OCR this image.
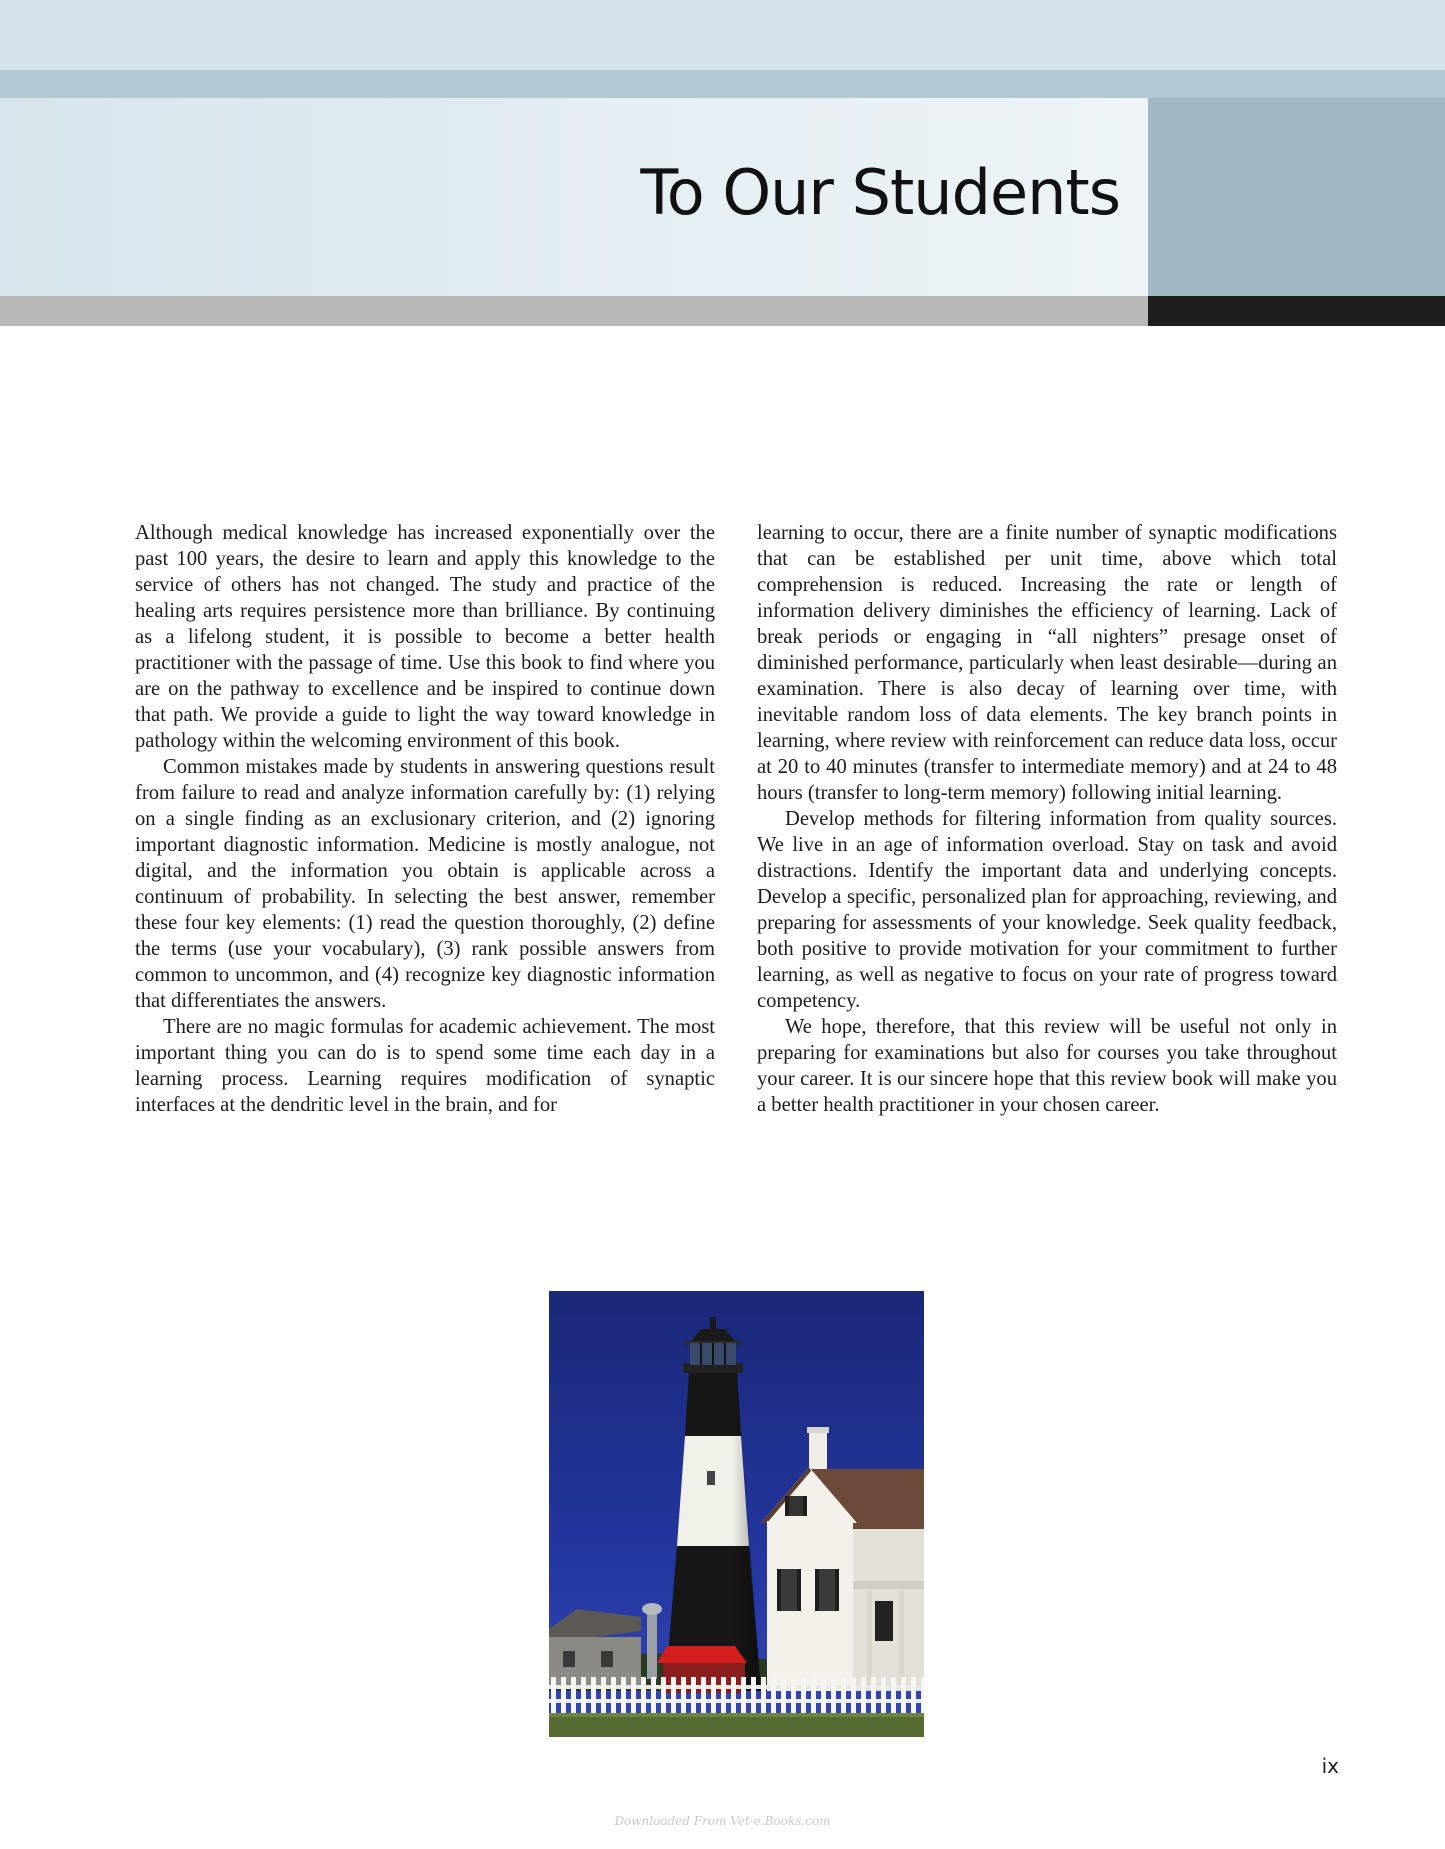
To Our Students

Although medical knowledge has increased exponentially over the past 100 years, the desire to learn and apply this knowledge to the service of others has not changed. The study and practice of the healing arts requires persistence more than brilliance. By continuing as a lifelong student, it is possible to become a better health practitioner with the passage of time. Use this book to find where you are on the pathway to excellence and be inspired to continue down that path. We provide a guide to light the way toward knowledge in pathology within the welcoming environment of this book.

Common mistakes made by students in answering questions result from failure to read and analyze information carefully by: (1) relying on a single finding as an exclusionary criterion, and (2) ignoring important diagnostic information. Medicine is mostly analogue, not digital, and the information you obtain is applicable across a continuum of probability. In selecting the best answer, remember these four key elements: (1) read the question thoroughly, (2) define the terms (use your vocabulary), (3) rank possible answers from common to uncommon, and (4) recognize key diagnostic information that differentiates the answers.

There are no magic formulas for academic achievement. The most important thing you can do is to spend some time each day in a learning process. Learning requires modification of synaptic interfaces at the dendritic level in the brain, and for

learning to occur, there are a finite number of synaptic modifications that can be established per unit time, above which total comprehension is reduced. Increasing the rate or length of information delivery diminishes the efficiency of learning. Lack of break periods or engaging in “all nighters” presage onset of diminished performance, particularly when least desirable—during an examination. There is also decay of learning over time, with inevitable random loss of data elements. The key branch points in learning, where review with reinforcement can reduce data loss, occur at 20 to 40 minutes (transfer to intermediate memory) and at 24 to 48 hours (transfer to long-term memory) following initial learning.

Develop methods for filtering information from quality sources. We live in an age of information overload. Stay on task and avoid distractions. Identify the important data and underlying concepts. Develop a specific, personalized plan for approaching, reviewing, and preparing for assessments of your knowledge. Seek quality feedback, both positive to provide motivation for your commitment to further learning, as well as negative to focus on your rate of progress toward competency.

We hope, therefore, that this review will be useful not only in preparing for examinations but also for courses you take throughout your career. It is our sincere hope that this review book will make you a better health practitioner in your chosen career.

ix
Downloaded From Vet-e.Books.com
